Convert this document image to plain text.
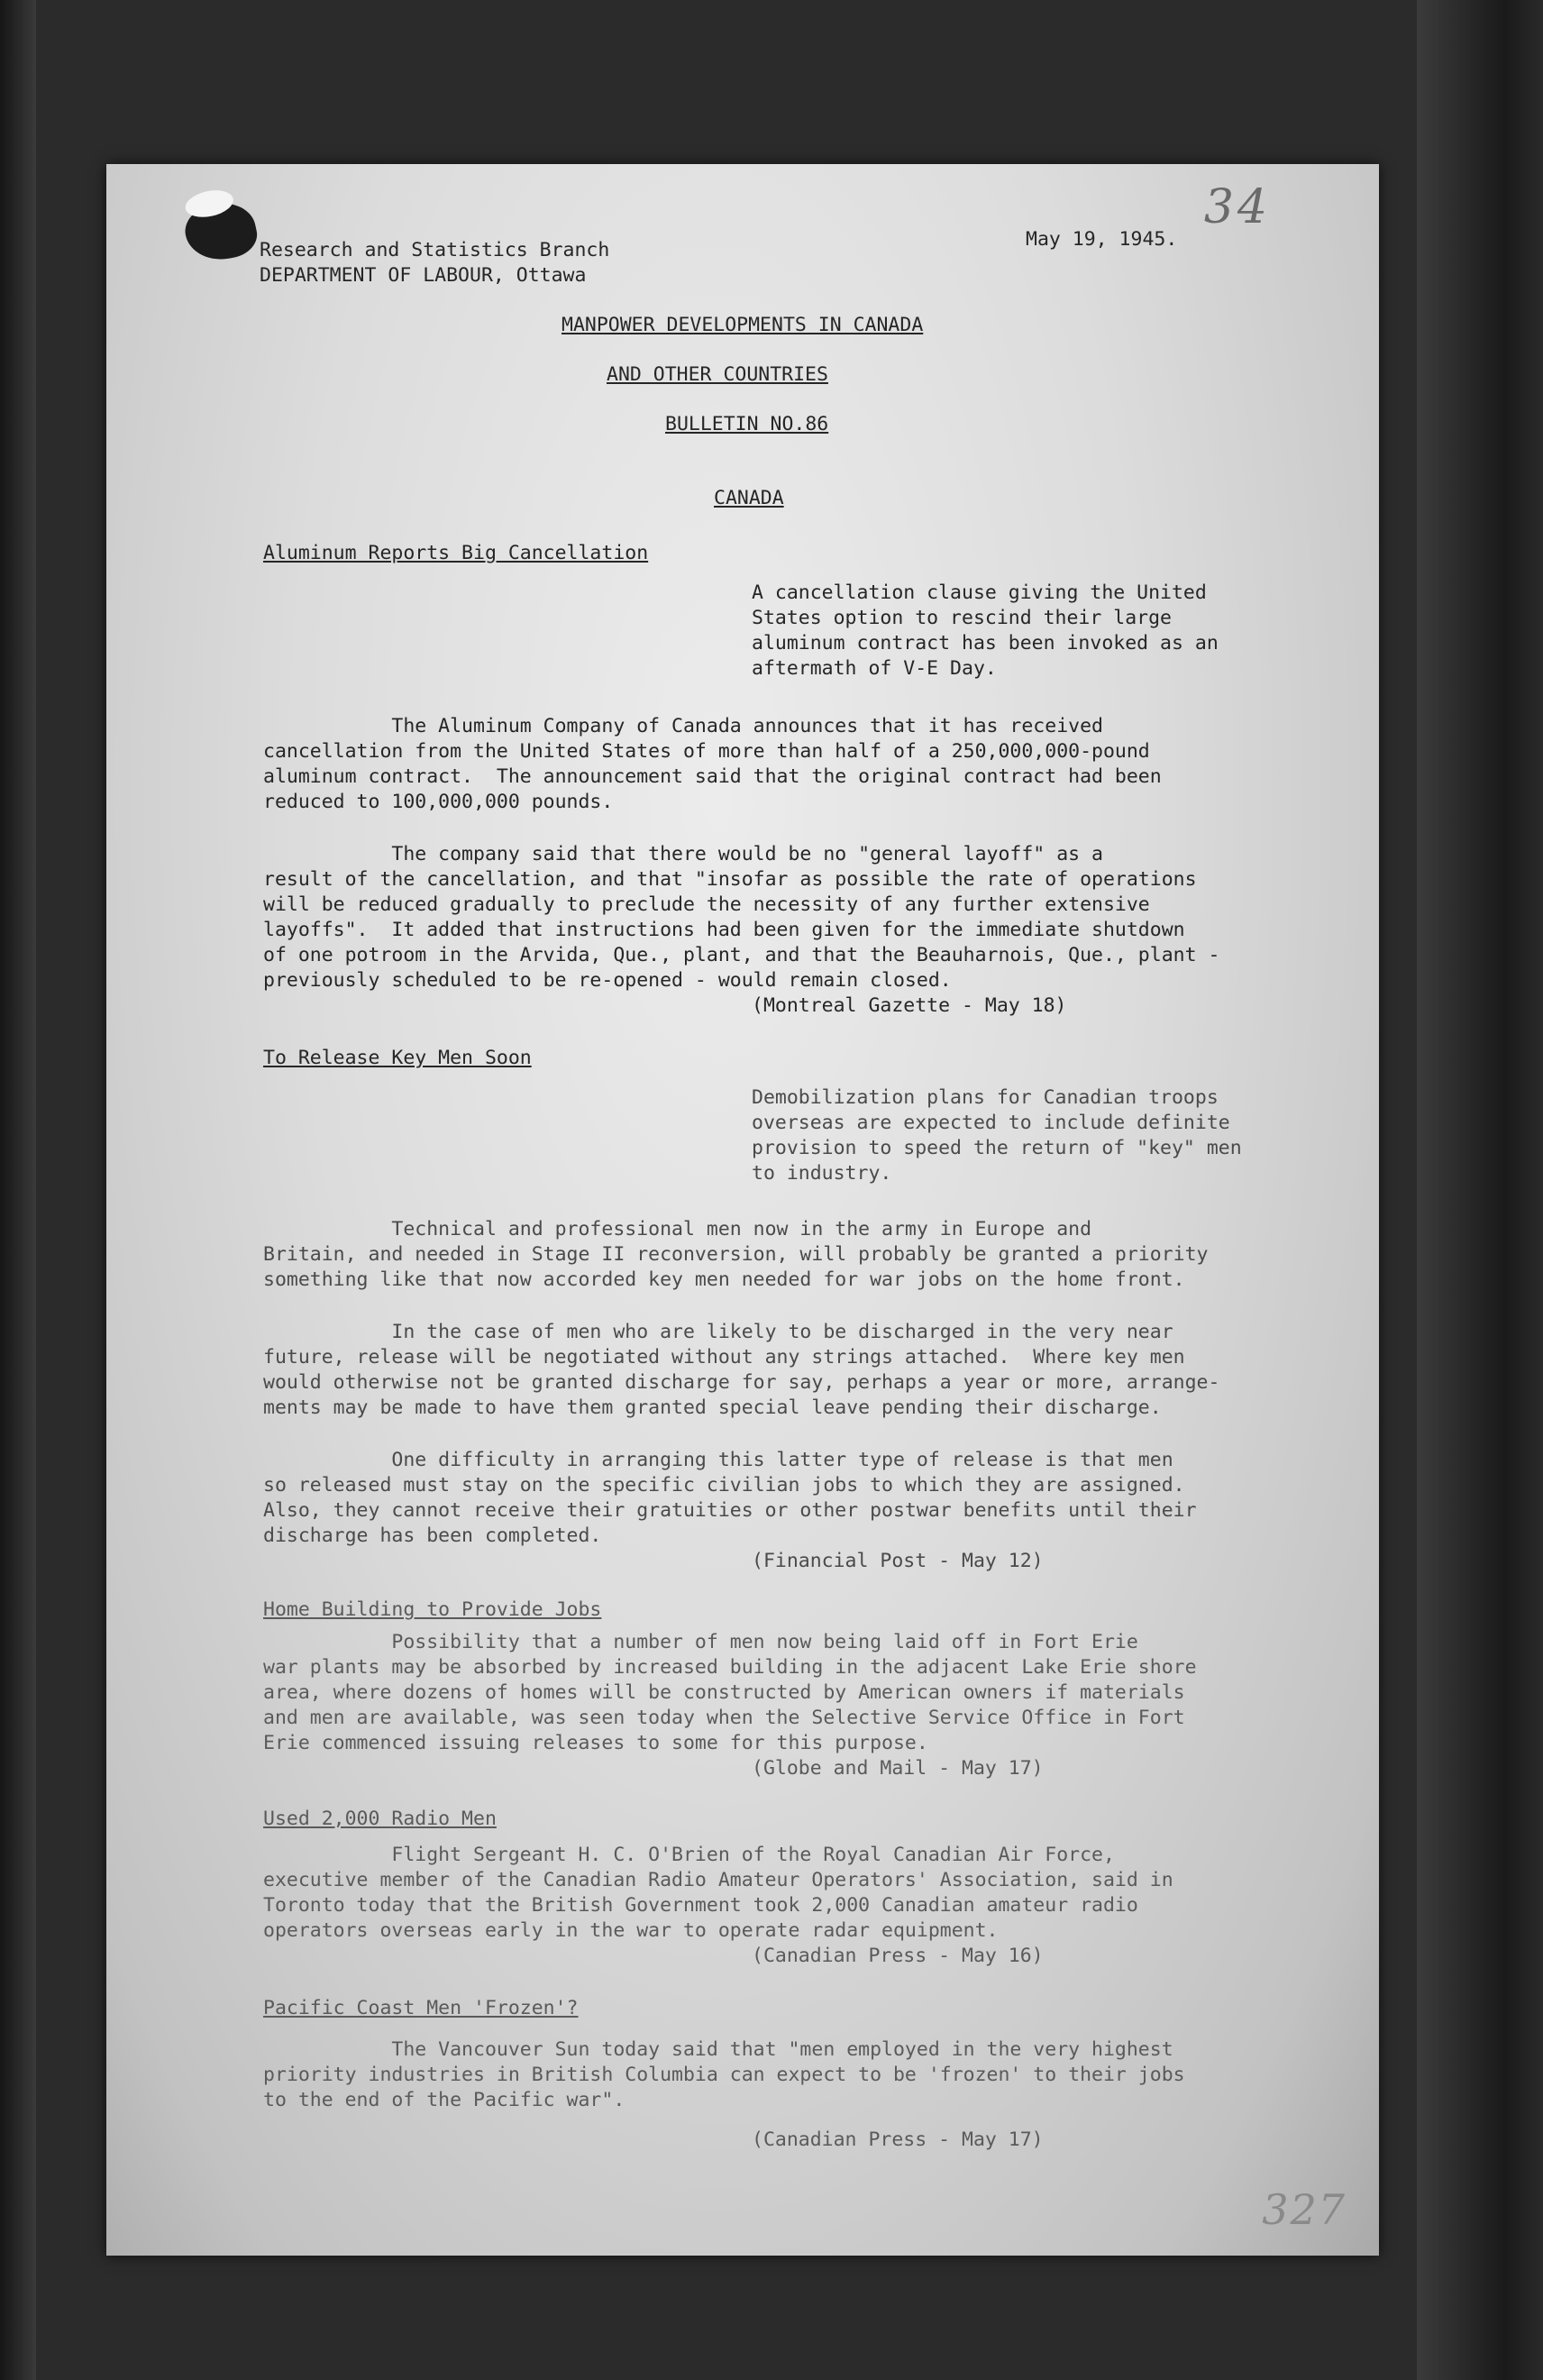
34
327
Research and Statistics Branch
DEPARTMENT OF LABOUR, Ottawa
May 19, 1945.
MANPOWER DEVELOPMENTS IN CANADA
AND OTHER COUNTRIES
BULLETIN NO.86
CANADA
Aluminum Reports Big Cancellation
A cancellation clause giving the United
States option to rescind their large
aluminum contract has been invoked as an
aftermath of V-E Day.
The Aluminum Company of Canada announces that it has received
cancellation from the United States of more than half of a 250,000,000-pound
aluminum contract.  The announcement said that the original contract had been
reduced to 100,000,000 pounds.
The company said that there would be no "general layoff" as a
result of the cancellation, and that "insofar as possible the rate of operations
will be reduced gradually to preclude the necessity of any further extensive
layoffs".  It added that instructions had been given for the immediate shutdown
of one potroom in the Arvida, Que., plant, and that the Beauharnois, Que., plant -
previously scheduled to be re-opened - would remain closed.
(Montreal Gazette - May 18)
To Release Key Men Soon
Demobilization plans for Canadian troops
overseas are expected to include definite
provision to speed the return of "key" men
to industry.
Technical and professional men now in the army in Europe and
Britain, and needed in Stage II reconversion, will probably be granted a priority
something like that now accorded key men needed for war jobs on the home front.
In the case of men who are likely to be discharged in the very near
future, release will be negotiated without any strings attached.  Where key men
would otherwise not be granted discharge for say, perhaps a year or more, arrange-
ments may be made to have them granted special leave pending their discharge.
One difficulty in arranging this latter type of release is that men
so released must stay on the specific civilian jobs to which they are assigned.
Also, they cannot receive their gratuities or other postwar benefits until their
discharge has been completed.
(Financial Post - May 12)
Home Building to Provide Jobs
Possibility that a number of men now being laid off in Fort Erie
war plants may be absorbed by increased building in the adjacent Lake Erie shore
area, where dozens of homes will be constructed by American owners if materials
and men are available, was seen today when the Selective Service Office in Fort
Erie commenced issuing releases to some for this purpose.
(Globe and Mail - May 17)
Used 2,000 Radio Men
Flight Sergeant H. C. O'Brien of the Royal Canadian Air Force,
executive member of the Canadian Radio Amateur Operators' Association, said in
Toronto today that the British Government took 2,000 Canadian amateur radio
operators overseas early in the war to operate radar equipment.
(Canadian Press - May 16)
Pacific Coast Men 'Frozen'?
The Vancouver Sun today said that "men employed in the very highest
priority industries in British Columbia can expect to be 'frozen' to their jobs
to the end of the Pacific war".
(Canadian Press - May 17)
